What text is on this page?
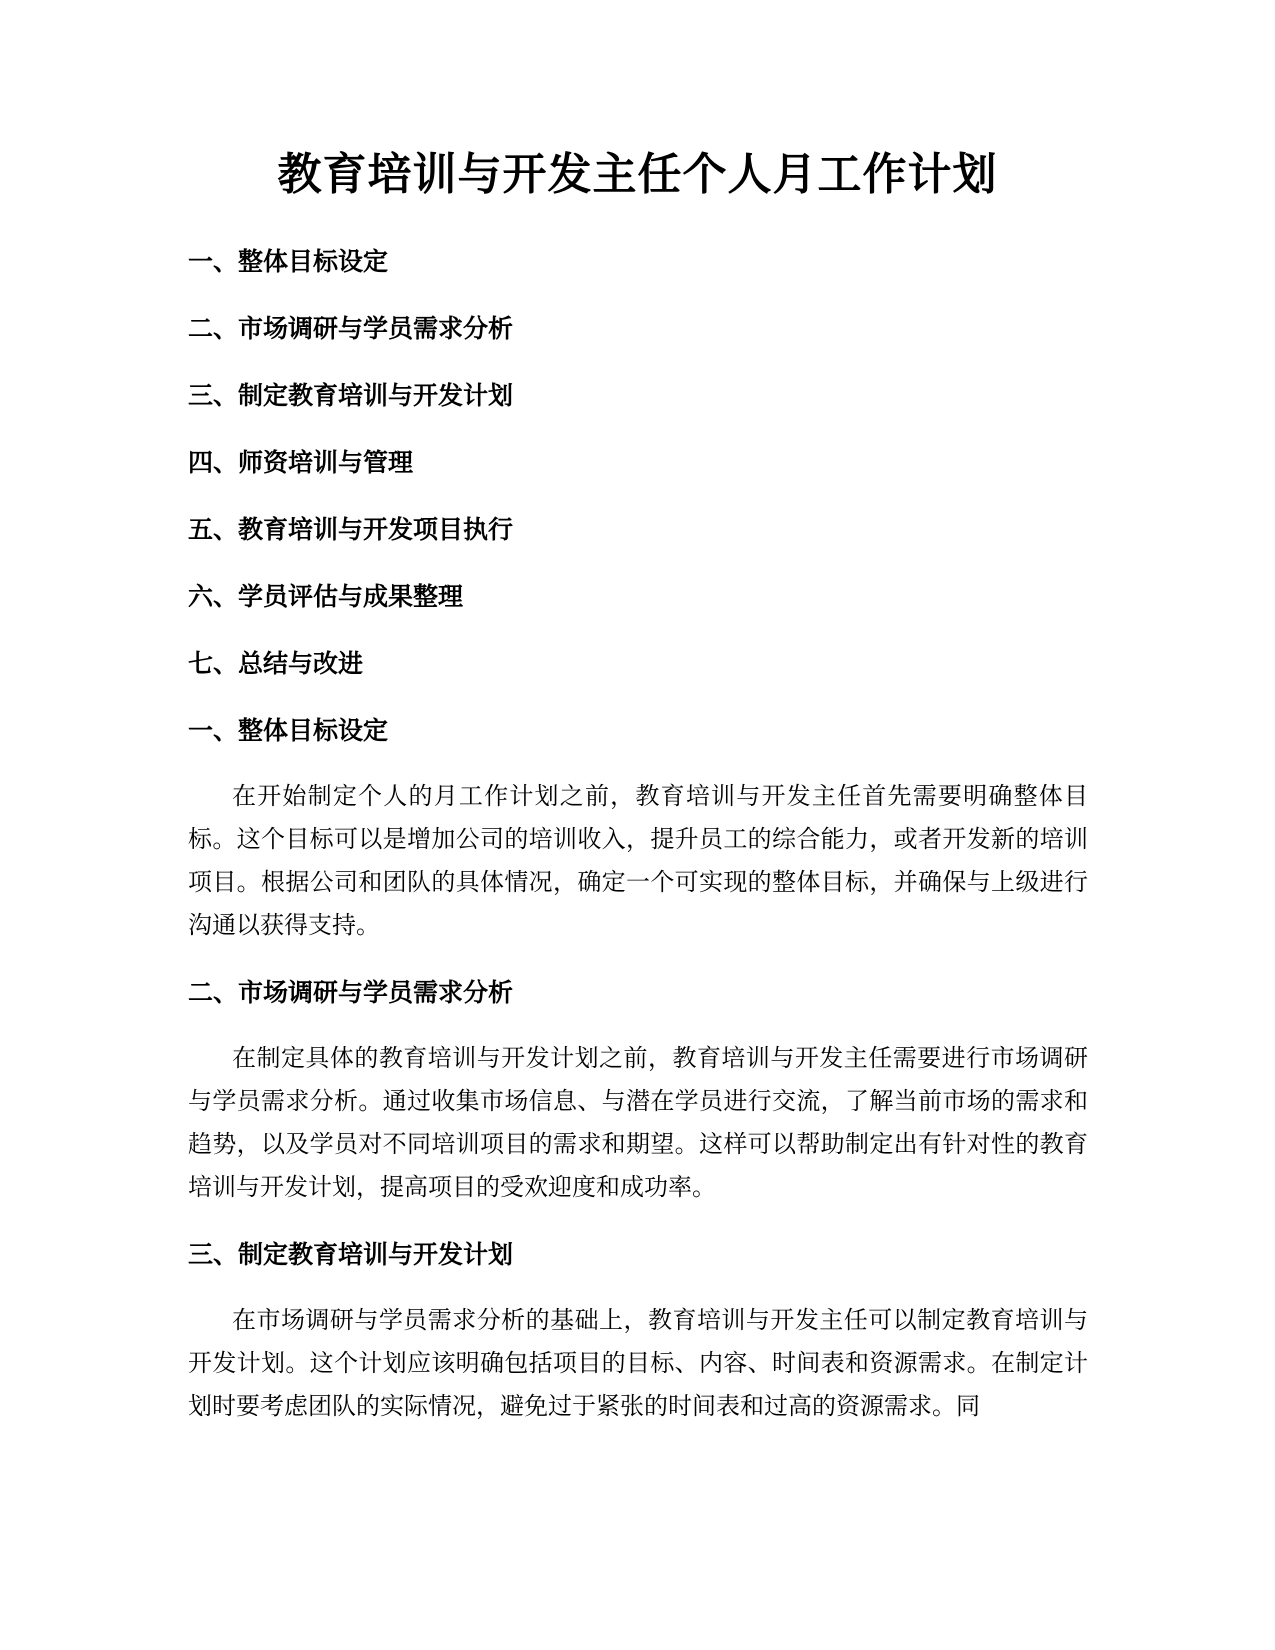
教育培训与开发主任个人月工作计划
一、整体目标设定
二、市场调研与学员需求分析
三、制定教育培训与开发计划
四、师资培训与管理
五、教育培训与开发项目执行
六、学员评估与成果整理
七、总结与改进
一、整体目标设定

在开始制定个人的月工作计划之前，教育培训与开发主任首先需要明确整体目标。这个目标可以是增加公司的培训收入，提升员工的综合能力，或者开发新的培训项目。根据公司和团队的具体情况，确定一个可实现的整体目标，并确保与上级进行沟通以获得支持。

二、市场调研与学员需求分析

在制定具体的教育培训与开发计划之前，教育培训与开发主任需要进行市场调研与学员需求分析。通过收集市场信息、与潜在学员进行交流，了解当前市场的需求和趋势，以及学员对不同培训项目的需求和期望。这样可以帮助制定出有针对性的教育培训与开发计划，提高项目的受欢迎度和成功率。

三、制定教育培训与开发计划

在市场调研与学员需求分析的基础上，教育培训与开发主任可以制定教育培训与开发计划。这个计划应该明确包括项目的目标、内容、时间表和资源需求。在制定计划时要考虑团队的实际情况，避免过于紧张的时间表和过高的资源需求。同
